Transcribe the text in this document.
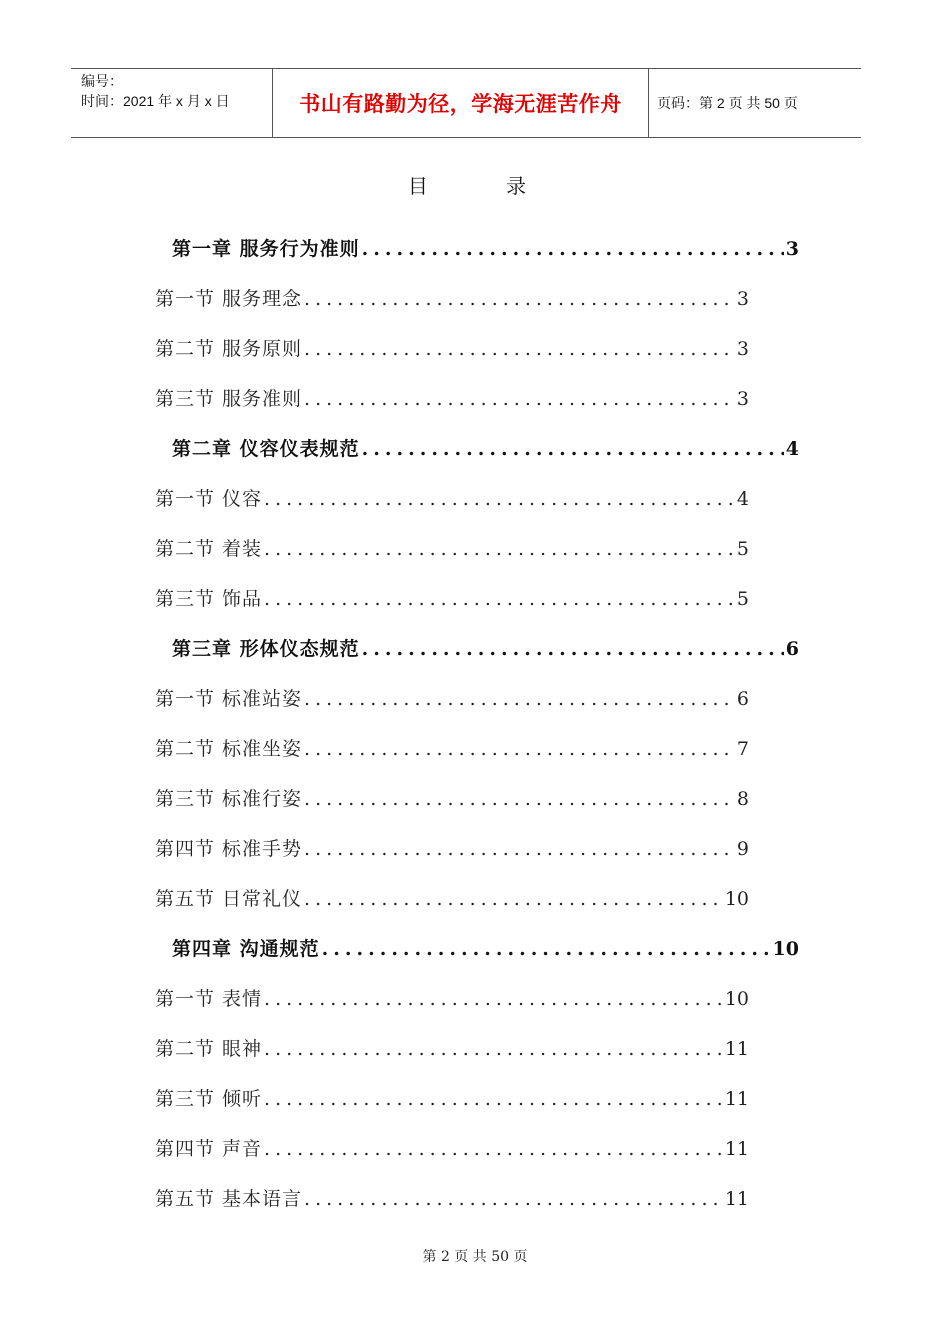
编号：
时间：2021 年 x 月 x 日	书山有路勤为径，学海无涯苦作舟	页码：第 2 页 共 50 页
目 录
第一章 服务行为准则 .....	3
第一节 服务理念 .....	3
第二节 服务原则 .....	3
第三节 服务准则 .....	3
第二章 仪容仪表规范 .....	4
第一节 仪容 .....	4
第二节 着装 .....	5
第三节 饰品 .....	5
第三章 形体仪态规范 .....	6
第一节 标准站姿 .....	6
第二节 标准坐姿 .....	7
第三节 标准行姿 .....	8
第四节 标准手势 .....	9
第五节 日常礼仪 .....	10
第四章 沟通规范 .....	10
第一节 表情 .....	10
第二节 眼神 .....	11
第三节 倾听 .....	11
第四节 声音 .....	11
第五节 基本语言 .....	11
第 2 页 共 50 页
